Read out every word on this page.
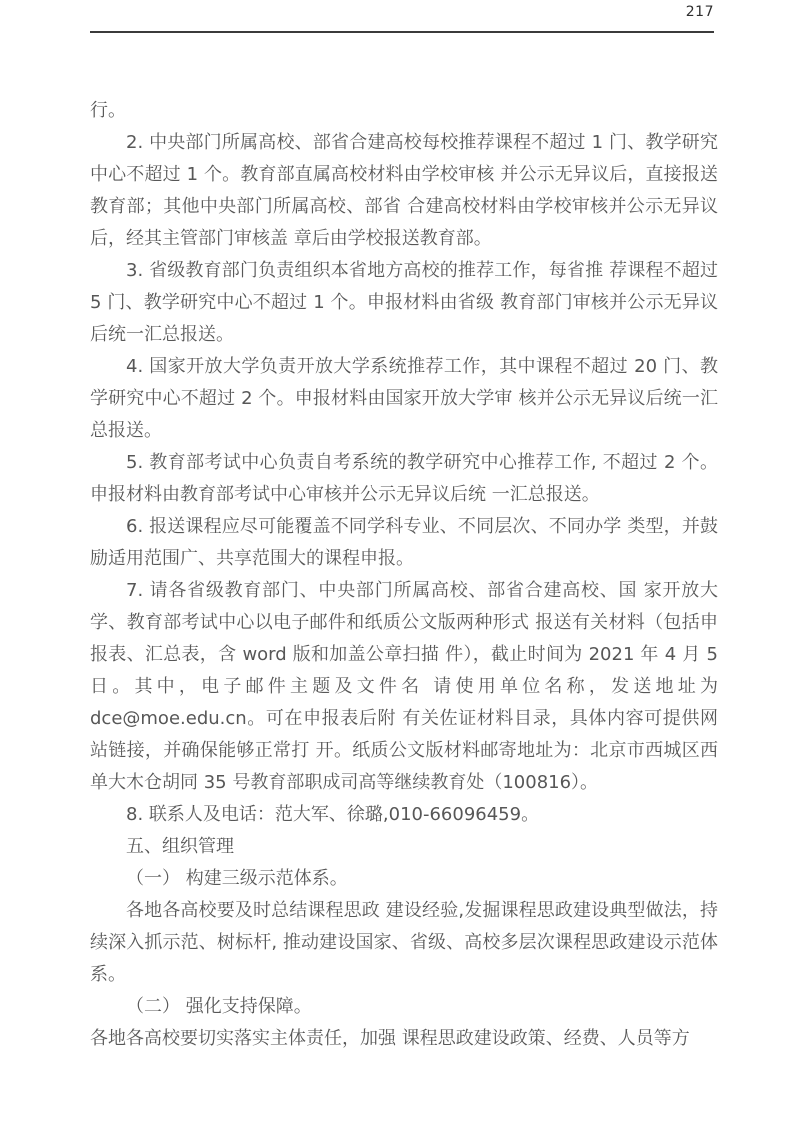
217

行。

2. 中央部门所属高校、部省合建高校每校推荐课程不超过 1 门、教学研究中心不超过 1 个。教育部直属高校材料由学校审核 并公示无异议后，直接报送教育部；其他中央部门所属高校、部省 合建高校材料由学校审核并公示无异议后，经其主管部门审核盖 章后由学校报送教育部。

3. 省级教育部门负责组织本省地方高校的推荐工作，每省推 荐课程不超过 5 门、教学研究中心不超过 1 个。申报材料由省级 教育部门审核并公示无异议后统一汇总报送。

4. 国家开放大学负责开放大学系统推荐工作，其中课程不超过 20 门、教学研究中心不超过 2 个。申报材料由国家开放大学审 核并公示无异议后统一汇总报送。

5. 教育部考试中心负责自考系统的教学研究中心推荐工作, 不超过 2 个。申报材料由教育部考试中心审核并公示无异议后统 一汇总报送。

6. 报送课程应尽可能覆盖不同学科专业、不同层次、不同办学 类型，并鼓励适用范围广、共享范围大的课程申报。

7. 请各省级教育部门、中央部门所属高校、部省合建高校、国 家开放大学、教育部考试中心以电子邮件和纸质公文版两种形式 报送有关材料（包括申报表、汇总表，含 word 版和加盖公章扫描 件），截止时间为 2021 年 4 月 5 日。其中，电子邮件主题及文件名 请使用单位名称，发送地址为 dce@moe.edu.cn。可在申报表后附 有关佐证材料目录，具体内容可提供网站链接，并确保能够正常打 开。纸质公文版材料邮寄地址为：北京市西城区西单大木仓胡同 35 号教育部职成司高等继续教育处（100816）。

8. 联系人及电话：范大军、徐璐,010-66096459。

五、组织管理

（一） 构建三级示范体系。

各地各高校要及时总结课程思政 建设经验,发掘课程思政建设典型做法，持续深入抓示范、树标杆, 推动建设国家、省级、高校多层次课程思政建设示范体系。

（二） 强化支持保障。

各地各高校要切实落实主体责任，加强 课程思政建设政策、经费、人员等方
